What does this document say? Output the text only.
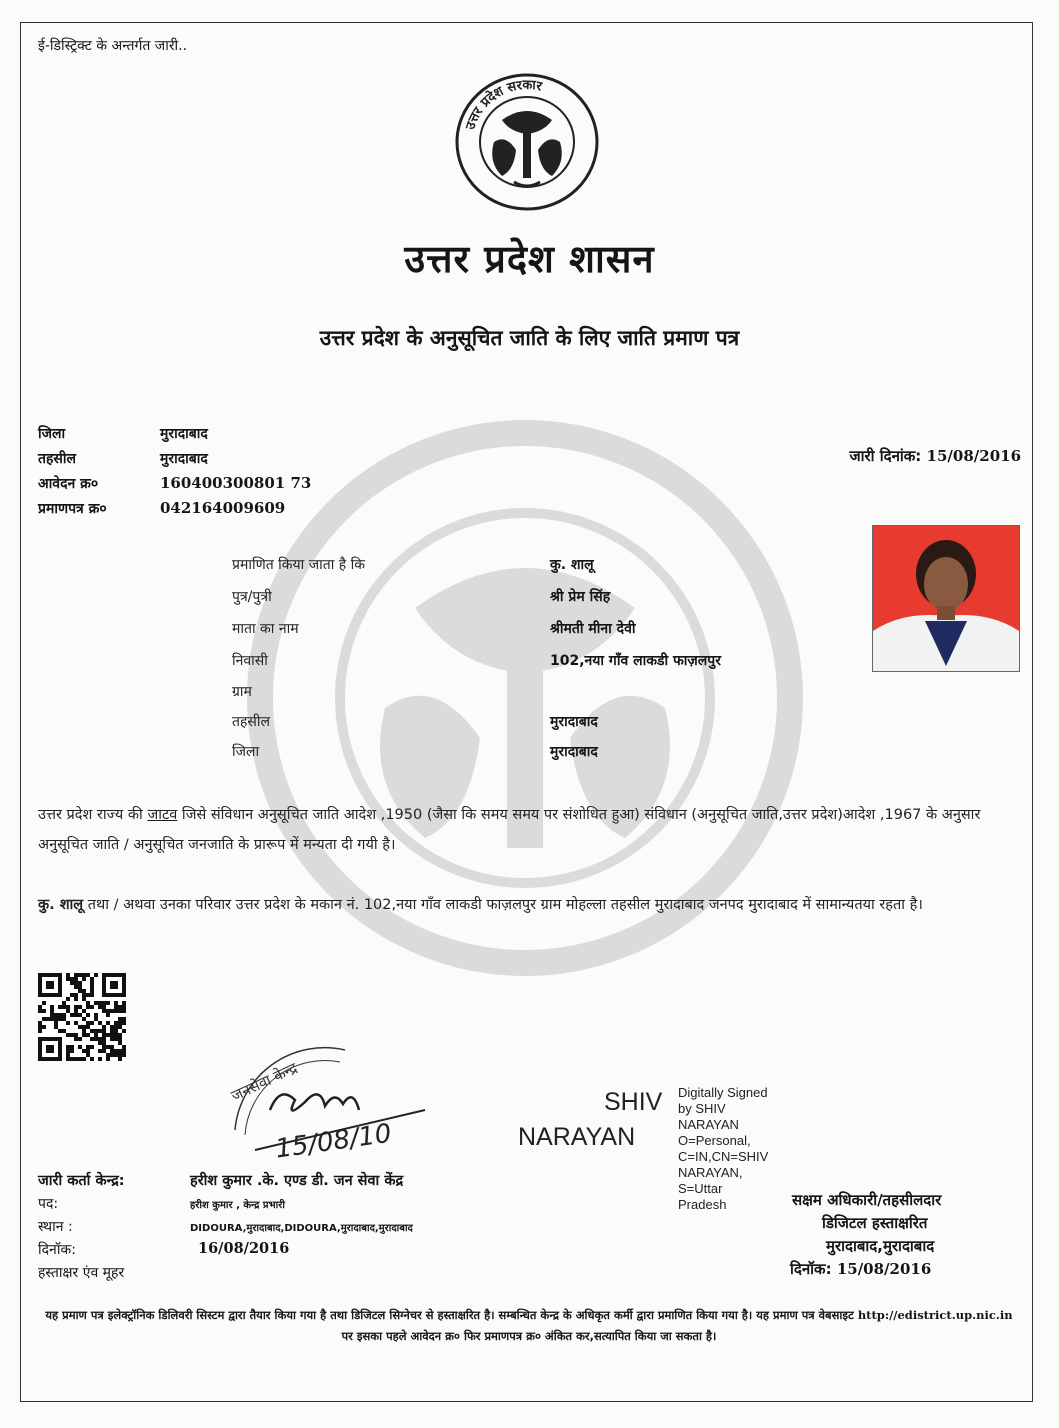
ई-डिस्ट्रिक्ट के अन्तर्गत जारी..
उत्तर प्रदेश सरकार
उत्तर प्रदेश शासन
उत्तर प्रदेश के अनुसूचित जाति के लिए जाति प्रमाण पत्र
जिला	मुरादाबाद
तहसील	मुरादाबाद
आवेदन क्र०	160400300801 73
प्रमाणपत्र क्र०	042164009609
जारी दिनांक: 15/08/2016
प्रमाणित किया जाता है कि	कु. शालू
पुत्र/पुत्री	श्री प्रेम सिंह
माता का नाम	श्रीमती मीना देवी
निवासी	102,नया गाँव लाकडी फाज़लपुर
ग्राम
तहसील	मुरादाबाद
जिला	मुरादाबाद
उत्तर प्रदेश राज्य की जाटव जिसे संविधान अनुसूचित जाति आदेश ,1950 (जैसा कि समय समय पर संशोधित हुआ) संविधान (अनुसूचित जाति,उत्तर प्रदेश)आदेश ,1967 के अनुसार अनुसूचित जाति / अनुसूचित जनजाति के प्रारूप में मन्यता दी गयी है।
कु. शालू तथा / अथवा उनका परिवार उत्तर प्रदेश के मकान नं. 102,नया गाँव लाकडी फाज़लपुर ग्राम मोहल्ला तहसील मुरादाबाद जनपद मुरादाबाद में सामान्यतया रहता है।
जनसेवा केन्द्र
15/08/10
SHIV
NARAYAN
Digitally Signed
by SHIV
NARAYAN
O=Personal,
C=IN,CN=SHIV
NARAYAN,
S=Uttar
Pradesh
जारी कर्ता केन्द्र:	हरीश कुमार .के. एण्ड डी. जन सेवा केंद्र
पद:	हरीश कुमार , केन्द्र प्रभारी
स्थान :	DIDOURA,मुरादाबाद,DIDOURA,मुरादाबाद,मुरादाबाद
दिनॉक:	16/08/2016
हस्ताक्षर एंव मूहर
सक्षम अधिकारी/तहसीलदार
डिजिटल हस्ताक्षरित
मुरादाबाद,मुरादाबाद
दिनॉक: 15/08/2016
यह प्रमाण पत्र इलेक्ट्रॉनिक डिलिवरी सिस्टम द्वारा तैयार किया गया है तथा डिजिटल सिग्नेचर से हस्ताक्षरित है। सम्बन्धित केन्द्र के अधिकृत कर्मी द्वारा प्रमाणित किया गया है। यह प्रमाण पत्र वेबसाइट http://edistrict.up.nic.in पर इसका पहले आवेदन क्र० फिर प्रमाणपत्र क्र० अंकित कर,सत्यापित किया जा सकता है।
